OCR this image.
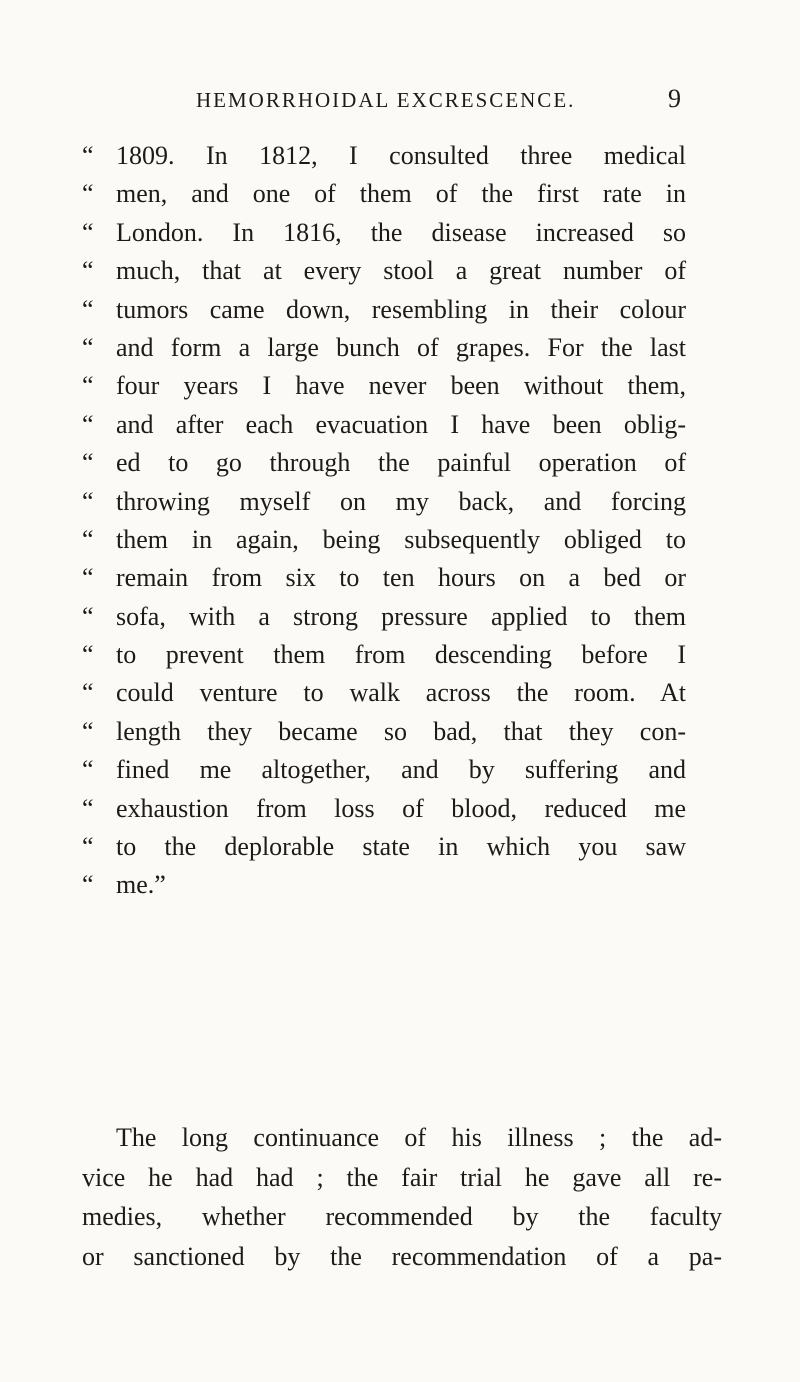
HEMORRHOIDAL EXCRESCENCE.	9
“ 1809. In 1812, I consulted three medical
“ men, and one of them of the first rate in
“ London. In 1816, the disease increased so
“ much, that at every stool a great number of
“ tumors came down, resembling in their colour
“ and form a large bunch of grapes. For the last
“ four years I have never been without them,
“ and after each evacuation I have been oblig-
“ ed to go through the painful operation of
“ throwing myself on my back, and forcing
“ them in again, being subsequently obliged to
“ remain from six to ten hours on a bed or
“ sofa, with a strong pressure applied to them
“ to prevent them from descending before I
“ could venture to walk across the room. At
“ length they became so bad, that they con-
“ fined me altogether, and by suffering and
“ exhaustion from loss of blood, reduced me
“ to the deplorable state in which you saw
“ me.”
The long continuance of his illness ; the ad-
vice he had had ; the fair trial he gave all re-
medies, whether recommended by the faculty
or sanctioned by the recommendation of a pa-
